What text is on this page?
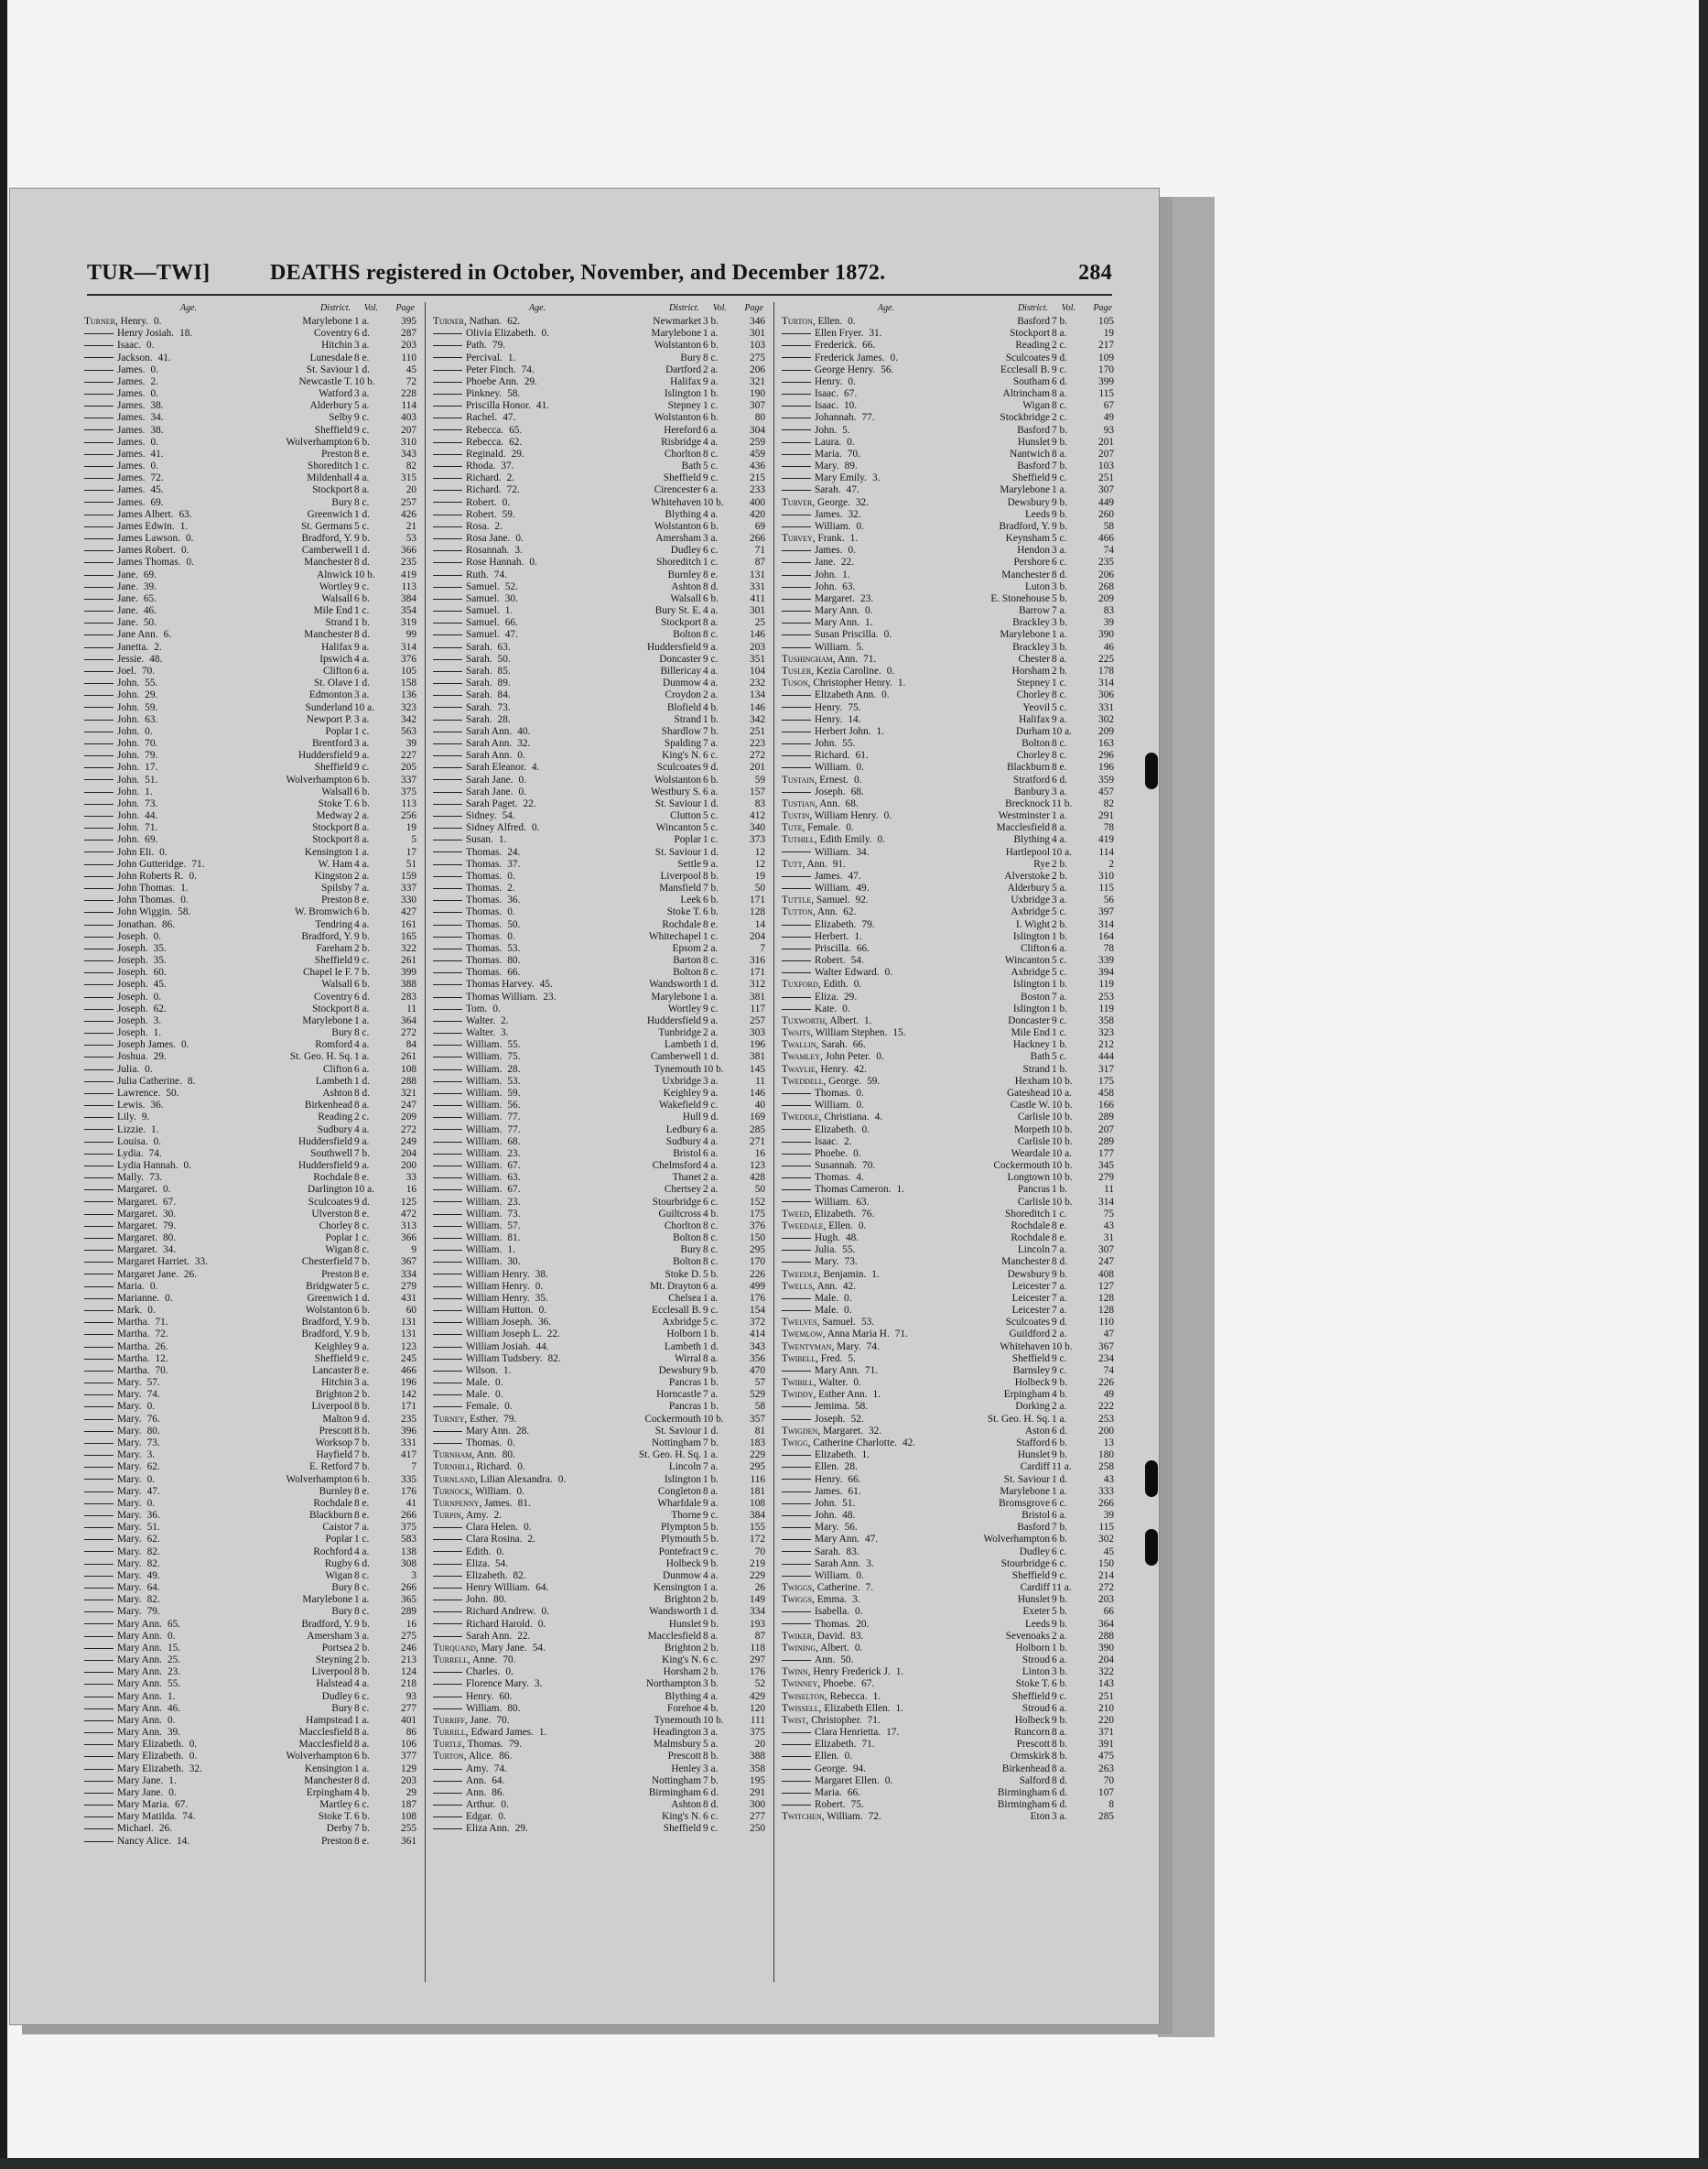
TUR—TWI]	DEATHS registered in October, November, and December 1872.	284
Age.	District. Vol. Page
Turner, Henry. 0.	Marylebone 1 a.	395
Henry Josiah. 18.	Coventry 6 d.	287
Isaac. 0.	Hitchin 3 a.	203
Jackson. 41.	Lunesdale 8 e.	110
James. 0.	St. Saviour 1 d.	45
James. 2.	Newcastle T. 10 b.	72
James. 0.	Watford 3 a.	228
James. 38.	Alderbury 5 a.	114
James. 34.	Selby 9 c.	403
James. 38.	Sheffield 9 c.	207
James. 0.	Wolverhampton 6 b.	310
James. 41.	Preston 8 e.	343
James. 0.	Shoreditch 1 c.	82
James. 72.	Mildenhall 4 a.	315
James. 45.	Stockport 8 a.	20
James. 69.	Bury 8 c.	257
James Albert. 63.	Greenwich 1 d.	426
James Edwin. 1.	St. Germans 5 c.	21
James Lawson. 0.	Bradford, Y. 9 b.	53
James Robert. 0.	Camberwell 1 d.	366
James Thomas. 0.	Manchester 8 d.	235
Jane. 69.	Alnwick 10 b.	419
Jane. 39.	Wortley 9 c.	113
Jane. 65.	Walsall 6 b.	384
Jane. 46.	Mile End 1 c.	354
Jane. 50.	Strand 1 b.	319
Jane Ann. 6.	Manchester 8 d.	99
Janetta. 2.	Halifax 9 a.	314
Jessie. 48.	Ipswich 4 a.	376
Joel. 70.	Clifton 6 a.	105
John. 55.	St. Olave 1 d.	158
John. 29.	Edmonton 3 a.	136
John. 59.	Sunderland 10 a.	323
John. 63.	Newport P. 3 a.	342
John. 0.	Poplar 1 c.	563
John. 70.	Brentford 3 a.	39
John. 79.	Huddersfield 9 a.	227
John. 17.	Sheffield 9 c.	205
John. 51.	Wolverhampton 6 b.	337
John. 1.	Walsall 6 b.	375
John. 73.	Stoke T. 6 b.	113
John. 44.	Medway 2 a.	256
John. 71.	Stockport 8 a.	19
John. 69.	Stockport 8 a.	5
John Eli. 0.	Kensington 1 a.	17
John Gutteridge. 71.	W. Ham 4 a.	51
John Roberts R. 0.	Kingston 2 a.	159
John Thomas. 1.	Spilsby 7 a.	337
John Thomas. 0.	Preston 8 e.	330
John Wiggin. 58.	W. Bromwich 6 b.	427
Jonathan. 86.	Tendring 4 a.	161
Joseph. 0.	Bradford, Y. 9 b.	165
Joseph. 35.	Fareham 2 b.	322
Joseph. 35.	Sheffield 9 c.	261
Joseph. 60.	Chapel le F. 7 b.	399
Joseph. 45.	Walsall 6 b.	388
Joseph. 0.	Coventry 6 d.	283
Joseph. 62.	Stockport 8 a.	11
Joseph. 3.	Marylebone 1 a.	364
Joseph. 1.	Bury 8 c.	272
Joseph James. 0.	Romford 4 a.	84
Joshua. 29.	St. Geo. H. Sq. 1 a.	261
Julia. 0.	Clifton 6 a.	108
Julia Catherine. 8.	Lambeth 1 d.	288
Lawrence. 50.	Ashton 8 d.	321
Lewis. 36.	Birkenhead 8 a.	247
Lily. 9.	Reading 2 c.	209
Lizzie. 1.	Sudbury 4 a.	272
Louisa. 0.	Huddersfield 9 a.	249
Lydia. 74.	Southwell 7 b.	204
Lydia Hannah. 0.	Huddersfield 9 a.	200
Mally. 73.	Rochdale 8 e.	33
Margaret. 0.	Darlington 10 a.	16
Margaret. 67.	Sculcoates 9 d.	125
Margaret. 30.	Ulverston 8 e.	472
Margaret. 79.	Chorley 8 c.	313
Margaret. 80.	Poplar 1 c.	366
Margaret. 34.	Wigan 8 c.	9
Margaret Harriet. 33.	Chesterfield 7 b.	367
Margaret Jane. 26.	Preston 8 e.	334
Maria. 0.	Bridgwater 5 c.	279
Marianne. 0.	Greenwich 1 d.	431
Mark. 0.	Wolstanton 6 b.	60
Martha. 71.	Bradford, Y. 9 b.	131
Martha. 72.	Bradford, Y. 9 b.	131
Martha. 26.	Keighley 9 a.	123
Martha. 12.	Sheffield 9 c.	245
Martha. 70.	Lancaster 8 e.	466
Mary. 57.	Hitchin 3 a.	196
Mary. 74.	Brighton 2 b.	142
Mary. 0.	Liverpool 8 b.	171
Mary. 76.	Malton 9 d.	235
Mary. 80.	Prescott 8 b.	396
Mary. 73.	Worksop 7 b.	331
Mary. 3.	Hayfield 7 b.	417
Mary. 62.	E. Retford 7 b.	7
Mary. 0.	Wolverhampton 6 b.	335
Mary. 47.	Burnley 8 e.	176
Mary. 0.	Rochdale 8 e.	41
Mary. 36.	Blackburn 8 e.	266
Mary. 51.	Caistor 7 a.	375
Mary. 62.	Poplar 1 c.	583
Mary. 82.	Rochford 4 a.	138
Mary. 82.	Rugby 6 d.	308
Mary. 49.	Wigan 8 c.	3
Mary. 64.	Bury 8 c.	266
Mary. 82.	Marylebone 1 a.	365
Mary. 79.	Bury 8 c.	289
Mary Ann. 65.	Bradford, Y. 9 b.	16
Mary Ann. 0.	Amersham 3 a.	275
Mary Ann. 15.	Portsea 2 b.	246
Mary Ann. 25.	Steyning 2 b.	213
Mary Ann. 23.	Liverpool 8 b.	124
Mary Ann. 55.	Halstead 4 a.	218
Mary Ann. 1.	Dudley 6 c.	93
Mary Ann. 46.	Bury 8 c.	277
Mary Ann. 0.	Hampstead 1 a.	401
Mary Ann. 39.	Macclesfield 8 a.	86
Mary Elizabeth. 0.	Macclesfield 8 a.	106
Mary Elizabeth. 0.	Wolverhampton 6 b.	377
Mary Elizabeth. 32.	Kensington 1 a.	129
Mary Jane. 1.	Manchester 8 d.	203
Mary Jane. 0.	Erpingham 4 b.	29
Mary Maria. 67.	Martley 6 c.	187
Mary Matilda. 74.	Stoke T. 6 b.	108
Michael. 26.	Derby 7 b.	255
Nancy Alice. 14.	Preston 8 e.	361
Age.	District. Vol. Page
Turner, Nathan. 62.	Newmarket 3 b.	346
Olivia Elizabeth. 0.	Marylebone 1 a.	301
Path. 79.	Wolstanton 6 b.	103
Percival. 1.	Bury 8 c.	275
Peter Finch. 74.	Dartford 2 a.	206
Phoebe Ann. 29.	Halifax 9 a.	321
Pinkney. 58.	Islington 1 b.	190
Priscilla Honor. 41.	Stepney 1 c.	307
Rachel. 47.	Wolstanton 6 b.	80
Rebecca. 65.	Hereford 6 a.	304
Rebecca. 62.	Risbridge 4 a.	259
Reginald. 29.	Chorlton 8 c.	459
Rhoda. 37.	Bath 5 c.	436
Richard. 2.	Sheffield 9 c.	215
Richard. 72.	Cirencester 6 a.	233
Robert. 0.	Whitehaven 10 b.	400
Robert. 59.	Blything 4 a.	420
Rosa. 2.	Wolstanton 6 b.	69
Rosa Jane. 0.	Amersham 3 a.	266
Rosannah. 3.	Dudley 6 c.	71
Rose Hannah. 0.	Shoreditch 1 c.	87
Ruth. 74.	Burnley 8 e.	131
Samuel. 52.	Ashton 8 d.	331
Samuel. 30.	Walsall 6 b.	411
Samuel. 1.	Bury St. E. 4 a.	301
Samuel. 66.	Stockport 8 a.	25
Samuel. 47.	Bolton 8 c.	146
Sarah. 63.	Huddersfield 9 a.	203
Sarah. 50.	Doncaster 9 c.	351
Sarah. 85.	Billericay 4 a.	104
Sarah. 89.	Dunmow 4 a.	232
Sarah. 84.	Croydon 2 a.	134
Sarah. 73.	Blofield 4 b.	146
Sarah. 28.	Strand 1 b.	342
Sarah Ann. 40.	Shardlow 7 b.	251
Sarah Ann. 32.	Spalding 7 a.	223
Sarah Ann. 0.	King's N. 6 c.	272
Sarah Eleanor. 4.	Sculcoates 9 d.	201
Sarah Jane. 0.	Wolstanton 6 b.	59
Sarah Jane. 0.	Westbury S. 6 a.	157
Sarah Paget. 22.	St. Saviour 1 d.	83
Sidney. 54.	Clutton 5 c.	412
Sidney Alfred. 0.	Wincanton 5 c.	340
Susan. 1.	Poplar 1 c.	373
Thomas. 24.	St. Saviour 1 d.	12
Thomas. 37.	Settle 9 a.	12
Thomas. 0.	Liverpool 8 b.	19
Thomas. 2.	Mansfield 7 b.	50
Thomas. 36.	Leek 6 b.	171
Thomas. 0.	Stoke T. 6 b.	128
Thomas. 50.	Rochdale 8 e.	14
Thomas. 0.	Whitechapel 1 c.	204
Thomas. 53.	Epsom 2 a.	7
Thomas. 80.	Barton 8 c.	316
Thomas. 66.	Bolton 8 c.	171
Thomas Harvey. 45.	Wandsworth 1 d.	312
Thomas William. 23.	Marylebone 1 a.	381
Tom. 0.	Wortley 9 c.	117
Walter. 2.	Huddersfield 9 a.	257
Walter. 3.	Tunbridge 2 a.	303
William. 55.	Lambeth 1 d.	196
William. 75.	Camberwell 1 d.	381
William. 28.	Tynemouth 10 b.	145
William. 53.	Uxbridge 3 a.	11
William. 59.	Keighley 9 a.	146
William. 56.	Wakefield 9 c.	40
William. 77.	Hull 9 d.	169
William. 77.	Ledbury 6 a.	285
William. 68.	Sudbury 4 a.	271
William. 23.	Bristol 6 a.	16
William. 67.	Chelmsford 4 a.	123
William. 63.	Thanet 2 a.	428
William. 67.	Chertsey 2 a.	50
William. 23.	Stourbridge 6 c.	152
William. 73.	Guiltcross 4 b.	175
William. 57.	Chorlton 8 c.	376
William. 81.	Bolton 8 c.	150
William. 1.	Bury 8 c.	295
William. 30.	Bolton 8 c.	170
William Henry. 38.	Stoke D. 5 b.	226
William Henry. 0.	Mt. Drayton 6 a.	499
William Henry. 35.	Chelsea 1 a.	176
William Hutton. 0.	Ecclesall B. 9 c.	154
William Joseph. 36.	Axbridge 5 c.	372
William Joseph L. 22.	Holborn 1 b.	414
William Josiah. 44.	Lambeth 1 d.	343
William Tudsbery. 82.	Wirral 8 a.	356
Wilson. 1.	Dewsbury 9 b.	470
Male. 0.	Pancras 1 b.	57
Male. 0.	Horncastle 7 a.	529
Female. 0.	Pancras 1 b.	58
Turney, Esther. 79.	Cockermouth 10 b.	357
Mary Ann. 28.	St. Saviour 1 d.	81
Thomas. 0.	Nottingham 7 b.	183
Turnham, Ann. 80.	St. Geo. H. Sq. 1 a.	229
Turnhill, Richard. 0.	Lincoln 7 a.	295
Turnland, Lilian Alexandra. 0.	Islington 1 b.	116
Turnock, William. 0.	Congleton 8 a.	181
Turnpenny, James. 81.	Wharfdale 9 a.	108
Turpin, Amy. 2.	Thorne 9 c.	384
Clara Helen. 0.	Plympton 5 b.	155
Clara Rosina. 2.	Plymouth 5 b.	172
Edith. 0.	Pontefract 9 c.	70
Eliza. 54.	Holbeck 9 b.	219
Elizabeth. 82.	Dunmow 4 a.	229
Henry William. 64.	Kensington 1 a.	26
John. 80.	Brighton 2 b.	149
Richard Andrew. 0.	Wandsworth 1 d.	334
Richard Harold. 0.	Hunslet 9 b.	193
Sarah Ann. 22.	Macclesfield 8 a.	87
Turquand, Mary Jane. 54.	Brighton 2 b.	118
Turrell, Anne. 70.	King's N. 6 c.	297
Charles. 0.	Horsham 2 b.	176
Florence Mary. 3.	Northampton 3 b.	52
Henry. 60.	Blything 4 a.	429
William. 80.	Forehoe 4 b.	120
Turriff, Jane. 70.	Tynemouth 10 b.	111
Turrill, Edward James. 1.	Headington 3 a.	375
Turtle, Thomas. 79.	Malmsbury 5 a.	20
Turton, Alice. 86.	Prescott 8 b.	388
Amy. 74.	Henley 3 a.	358
Ann. 64.	Nottingham 7 b.	195
Ann. 86.	Birmingham 6 d.	291
Arthur. 0.	Ashton 8 d.	300
Edgar. 0.	King's N. 6 c.	277
Eliza Ann. 29.	Sheffield 9 c.	250
Age.	District. Vol. Page
Turton, Ellen. 0.	Basford 7 b.	105
Ellen Fryer. 31.	Stockport 8 a.	19
Frederick. 66.	Reading 2 c.	217
Frederick James. 0.	Sculcoates 9 d.	109
George Henry. 56.	Ecclesall B. 9 c.	170
Henry. 0.	Southam 6 d.	399
Isaac. 67.	Altrincham 8 a.	115
Isaac. 10.	Wigan 8 c.	67
Johannah. 77.	Stockbridge 2 c.	49
John. 5.	Basford 7 b.	93
Laura. 0.	Hunslet 9 b.	201
Maria. 70.	Nantwich 8 a.	207
Mary. 89.	Basford 7 b.	103
Mary Emily. 3.	Sheffield 9 c.	251
Sarah. 47.	Marylebone 1 a.	307
Turver, George. 32.	Dewsbury 9 b.	449
James. 32.	Leeds 9 b.	260
William. 0.	Bradford, Y. 9 b.	58
Turvey, Frank. 1.	Keynsham 5 c.	466
James. 0.	Hendon 3 a.	74
Jane. 22.	Pershore 6 c.	235
John. 1.	Manchester 8 d.	206
John. 63.	Luton 3 b.	268
Margaret. 23.	E. Stonehouse 5 b.	209
Mary Ann. 0.	Barrow 7 a.	83
Mary Ann. 1.	Brackley 3 b.	39
Susan Priscilla. 0.	Marylebone 1 a.	390
William. 5.	Brackley 3 b.	46
Tushingham, Ann. 71.	Chester 8 a.	225
Tusler, Kezia Caroline. 0.	Horsham 2 b.	178
Tuson, Christopher Henry. 1.	Stepney 1 c.	314
Elizabeth Ann. 0.	Chorley 8 c.	306
Henry. 75.	Yeovil 5 c.	331
Henry. 14.	Halifax 9 a.	302
Herbert John. 1.	Durham 10 a.	209
John. 55.	Bolton 8 c.	163
Richard. 61.	Chorley 8 c.	296
William. 0.	Blackburn 8 e.	196
Tustain, Ernest. 0.	Stratford 6 d.	359
Joseph. 68.	Banbury 3 a.	457
Tustian, Ann. 68.	Brecknock 11 b.	82
Tustin, William Henry. 0.	Westminster 1 a.	291
Tute, Female. 0.	Macclesfield 8 a.	78
Tuthill, Edith Emily. 0.	Blything 4 a.	419
William. 34.	Hartlepool 10 a.	114
Tutt, Ann. 91.	Rye 2 b.	2
James. 47.	Alverstoke 2 b.	310
William. 49.	Alderbury 5 a.	115
Tuttle, Samuel. 92.	Uxbridge 3 a.	56
Tutton, Ann. 62.	Axbridge 5 c.	397
Elizabeth. 79.	I. Wight 2 b.	314
Herbert. 1.	Islington 1 b.	164
Priscilla. 66.	Clifton 6 a.	78
Robert. 54.	Wincanton 5 c.	339
Walter Edward. 0.	Axbridge 5 c.	394
Tuxford, Edith. 0.	Islington 1 b.	119
Eliza. 29.	Boston 7 a.	253
Kate. 0.	Islington 1 b.	119
Tuxworth, Albert. 1.	Doncaster 9 c.	358
Twaits, William Stephen. 15.	Mile End 1 c.	323
Twallin, Sarah. 66.	Hackney 1 b.	212
Twamley, John Peter. 0.	Bath 5 c.	444
Twaylie, Henry. 42.	Strand 1 b.	317
Tweddell, George. 59.	Hexham 10 b.	175
Thomas. 0.	Gateshead 10 a.	458
William. 0.	Castle W. 10 b.	166
Tweddle, Christiana. 4.	Carlisle 10 b.	289
Elizabeth. 0.	Morpeth 10 b.	207
Isaac. 2.	Carlisle 10 b.	289
Phoebe. 0.	Weardale 10 a.	177
Susannah. 70.	Cockermouth 10 b.	345
Thomas. 4.	Longtown 10 b.	279
Thomas Cameron. 1.	Pancras 1 b.	11
William. 63.	Carlisle 10 b.	314
Tweed, Elizabeth. 76.	Shoreditch 1 c.	75
Tweedale, Ellen. 0.	Rochdale 8 e.	43
Hugh. 48.	Rochdale 8 e.	31
Julia. 55.	Lincoln 7 a.	307
Mary. 73.	Manchester 8 d.	247
Tweedle, Benjamin. 1.	Dewsbury 9 b.	408
Twells, Ann. 42.	Leicester 7 a.	127
Male. 0.	Leicester 7 a.	128
Male. 0.	Leicester 7 a.	128
Twelves, Samuel. 53.	Sculcoates 9 d.	110
Twemlow, Anna Maria H. 71.	Guildford 2 a.	47
Twentyman, Mary. 74.	Whitehaven 10 b.	367
Twibell, Fred. 5.	Sheffield 9 c.	234
Mary Ann. 71.	Barnsley 9 c.	74
Twibill, Walter. 0.	Holbeck 9 b.	226
Twiddy, Esther Ann. 1.	Erpingham 4 b.	49
Jemima. 58.	Dorking 2 a.	222
Joseph. 52.	St. Geo. H. Sq. 1 a.	253
Twigden, Margaret. 32.	Aston 6 d.	200
Twigg, Catherine Charlotte. 42.	Stafford 6 b.	13
Elizabeth. 1.	Hunslet 9 b.	180
Ellen. 28.	Cardiff 11 a.	258
Henry. 66.	St. Saviour 1 d.	43
James. 61.	Marylebone 1 a.	333
John. 51.	Bromsgrove 6 c.	266
John. 48.	Bristol 6 a.	39
Mary. 56.	Basford 7 b.	115
Mary Ann. 47.	Wolverhampton 6 b.	302
Sarah. 83.	Dudley 6 c.	45
Sarah Ann. 3.	Stourbridge 6 c.	150
William. 0.	Sheffield 9 c.	214
Twiggs, Catherine. 7.	Cardiff 11 a.	272
Twiggs, Emma. 3.	Hunslet 9 b.	203
Isabella. 0.	Exeter 5 b.	66
Thomas. 20.	Leeds 9 b.	364
Twiker, David. 83.	Sevenoaks 2 a.	288
Twining, Albert. 0.	Holborn 1 b.	390
Ann. 50.	Stroud 6 a.	204
Twinn, Henry Frederick J. 1.	Linton 3 b.	322
Twinney, Phoebe. 67.	Stoke T. 6 b.	143
Twiselton, Rebecca. 1.	Sheffield 9 c.	251
Twissell, Elizabeth Ellen. 1.	Stroud 6 a.	210
Twist, Christopher. 71.	Holbeck 9 b.	220
Clara Henrietta. 17.	Runcorn 8 a.	371
Elizabeth. 71.	Prescott 8 b.	391
Ellen. 0.	Ormskirk 8 b.	475
George. 94.	Birkenhead 8 a.	263
Margaret Ellen. 0.	Salford 8 d.	70
Maria. 66.	Birmingham 6 d.	107
Robert. 75.	Birmingham 6 d.	8
Twitchen, William. 72.	Eton 3 a.	285
